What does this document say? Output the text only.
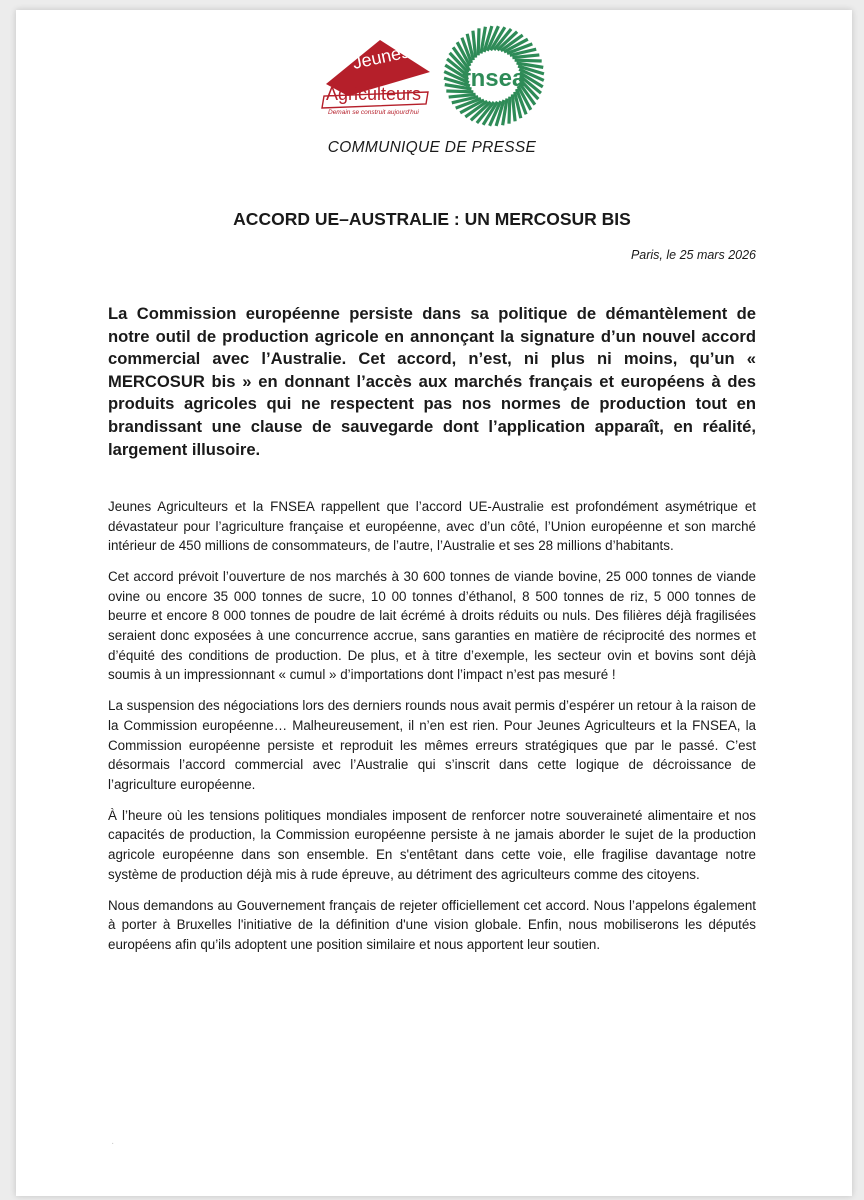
Jeunes
Agriculteurs
Demain se construit aujourd'hui
fnsea
COMMUNIQUE DE PRESSE
ACCORD UE–AUSTRALIE : UN MERCOSUR BIS
Paris, le 25 mars 2026

La Commission européenne persiste dans sa politique de démantèlement de notre outil de production agricole en annonçant la signature d’un nouvel accord commercial avec l’Australie. Cet accord, n’est, ni plus ni moins, qu’un « MERCOSUR bis » en donnant l’accès aux marchés français et européens à des produits agricoles qui ne respectent pas nos normes de production tout en brandissant une clause de sauvegarde dont l’application apparaît, en réalité, largement illusoire.

Jeunes Agriculteurs et la FNSEA rappellent que l’accord UE-Australie est profondément asymétrique et dévastateur pour l’agriculture française et européenne, avec d’un côté, l’Union européenne et son marché intérieur de 450 millions de consommateurs, de l’autre, l’Australie et ses 28 millions d’habitants.

Cet accord prévoit l’ouverture de nos marchés à 30 600 tonnes de viande bovine, 25 000 tonnes de viande ovine ou encore 35 000 tonnes de sucre, 10 00 tonnes d’éthanol, 8 500 tonnes de riz, 5 000 tonnes de beurre et encore 8 000 tonnes de poudre de lait écrémé à droits réduits ou nuls. Des filières déjà fragilisées seraient donc exposées à une concurrence accrue, sans garanties en matière de réciprocité des normes et d’équité des conditions de production. De plus, et à titre d’exemple, les secteur ovin et bovins sont déjà soumis à un impressionnant « cumul » d’importations dont l’impact n’est pas mesuré !

La suspension des négociations lors des derniers rounds nous avait permis d’espérer un retour à la raison de la Commission européenne… Malheureusement, il n’en est rien. Pour Jeunes Agriculteurs et la FNSEA, la Commission européenne persiste et reproduit les mêmes erreurs stratégiques que par le passé. C’est désormais l’accord commercial avec l’Australie qui s’inscrit dans cette logique de décroissance de l’agriculture européenne.

À l’heure où les tensions politiques mondiales imposent de renforcer notre souveraineté alimentaire et nos capacités de production, la Commission européenne persiste à ne jamais aborder le sujet de la production agricole européenne dans son ensemble. En s'entêtant dans cette voie, elle fragilise davantage notre système de production déjà mis à rude épreuve, au détriment des agriculteurs comme des citoyens.

Nous demandons au Gouvernement français de rejeter officiellement cet accord. Nous l’appelons également à porter à Bruxelles l'initiative de la définition d'une vision globale. Enfin, nous mobiliserons les députés européens afin qu’ils adoptent une position similaire et nous apportent leur soutien.

·
